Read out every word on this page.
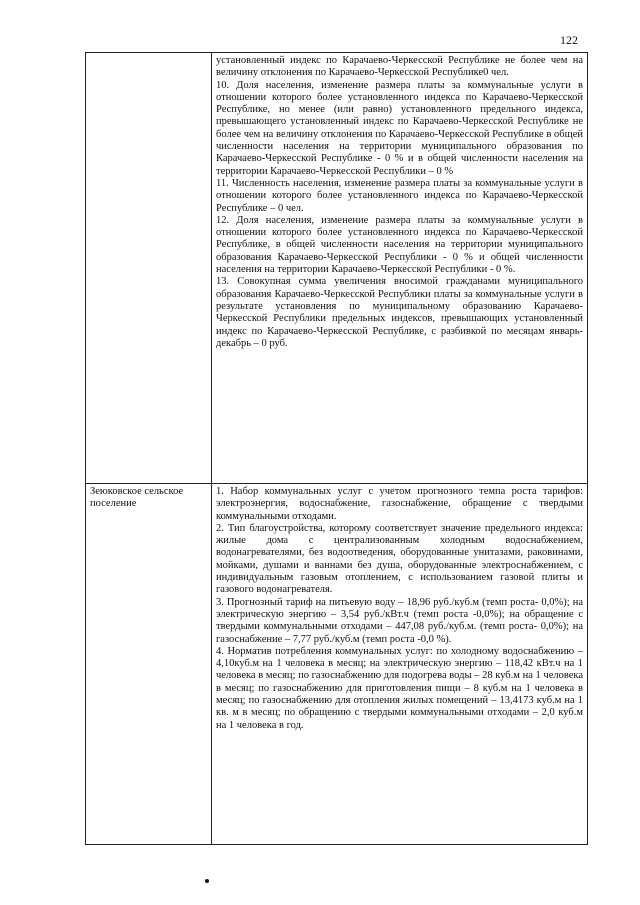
122

	установленный индекс по Карачаево-Черкесской Республике не более чем на величину отклонения по Карачаево-Черкесской Республике0 чел.

10. Доля населения, изменение размера платы за коммунальные услуги в отношении которого более установленного индекса по Карачаево-Черкесской Республике, но менее (или равно) установленного предельного индекса, превышающего установленный индекс по Карачаево-Черкесской Республике не более чем на величину отклонения по Карачаево-Черкесской Республике в общей численности населения на территории муниципального образования по Карачаево-Черкесской Республике - 0 % и в общей численности населения на территории Карачаево-Черкесской Республики – 0 %

11. Численность населения, изменение размера платы за коммунальные услуги в отношении которого более установленного индекса по Карачаево-Черкесской Республике – 0 чел.

12. Доля населения, изменение размера платы за коммунальные услуги в отношении которого более установленного индекса по Карачаево-Черкесской Республике, в общей численности населения на территории муниципального образования Карачаево-Черкесской Республики - 0 % и общей численности населения на территории Карачаево-Черкесской Республики - 0 %.

13. Совокупная сумма увеличения вносимой гражданами муниципального образования Карачаево-Черкесской Республики платы за коммунальные услуги в результате установления по муниципальному образованию Карачаево-Черкесской Республики предельных индексов, превышающих установленный индекс по Карачаево-Черкесской Республике, с разбивкой по месяцам январь-декабрь – 0 руб.

Зеюковское сельское поселение	1. Набор коммунальных услуг с учетом прогнозного темпа роста тарифов: электроэнергия, водоснабжение, газоснабжение, обращение с твердыми коммунальными отходами.

2. Тип благоустройства, которому соответствует значение предельного индекса: жилые дома с централизованным холодным водоснабжением, водонагревателями, без водоотведения, оборудованные унитазами, раковинами, мойками, душами и ваннами без душа, оборудованные электроснабжением, с индивидуальным газовым отоплением, с использованием газовой плиты и газового водонагревателя.

3. Прогнозный тариф на питьевую воду – 18,96 руб./куб.м (темп роста- 0,0%); на электрическую энергию – 3,54 руб./кВт.ч (темп роста -0,0%); на обращение с твердыми коммунальными отходами – 447,08 руб./куб.м. (темп роста- 0,0%); на газоснабжение – 7,77 руб./куб.м (темп роста -0,0 %).

4. Норматив потребления коммунальных услуг: по холодному водоснабжению – 4,10куб.м на 1 человека в месяц; на электрическую энергию – 118,42 кВт.ч на 1 человека в месяц; по газоснабжению для подогрева воды – 28 куб.м на 1 человека в месяц; по газоснабжению для приготовления пищи – 8 куб.м на 1 человека в месяц; по газоснабжению для отопления жилых помещений – 13,4173 куб.м на 1 кв. м в месяц; по обращению с твердыми коммунальными отходами – 2,0 куб.м на 1 человека в год.
